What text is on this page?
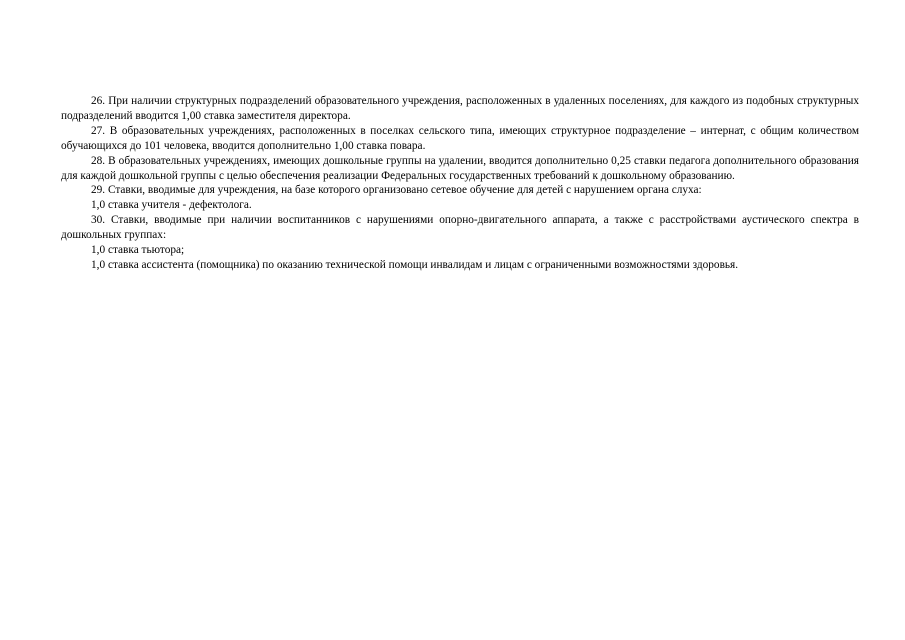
26. При наличии структурных подразделений образовательного учреждения, расположенных в удаленных поселениях, для каждого из подобных структурных подразделений вводится 1,00 ставка заместителя директора.

27. В образовательных учреждениях, расположенных в поселках сельского типа, имеющих структурное подразделение – интернат, с общим количеством обучающихся до 101 человека, вводится дополнительно 1,00 ставка повара.

28. В образовательных учреждениях, имеющих дошкольные группы на удалении, вводится дополнительно 0,25 ставки педагога дополнительного образования для каждой дошкольной группы с целью обеспечения реализации Федеральных государственных требований к дошкольному образованию.

29. Ставки, вводимые для учреждения, на базе которого организовано сетевое обучение для детей с нарушением органа слуха:

1,0 ставка учителя - дефектолога.

30. Ставки, вводимые при наличии воспитанников с нарушениями опорно-двигательного аппарата, а также с расстройствами аустического спектра в дошкольных группах:

1,0 ставка тьютора;

1,0 ставка ассистента (помощника) по оказанию технической помощи инвалидам и лицам с ограниченными возможностями здоровья.
